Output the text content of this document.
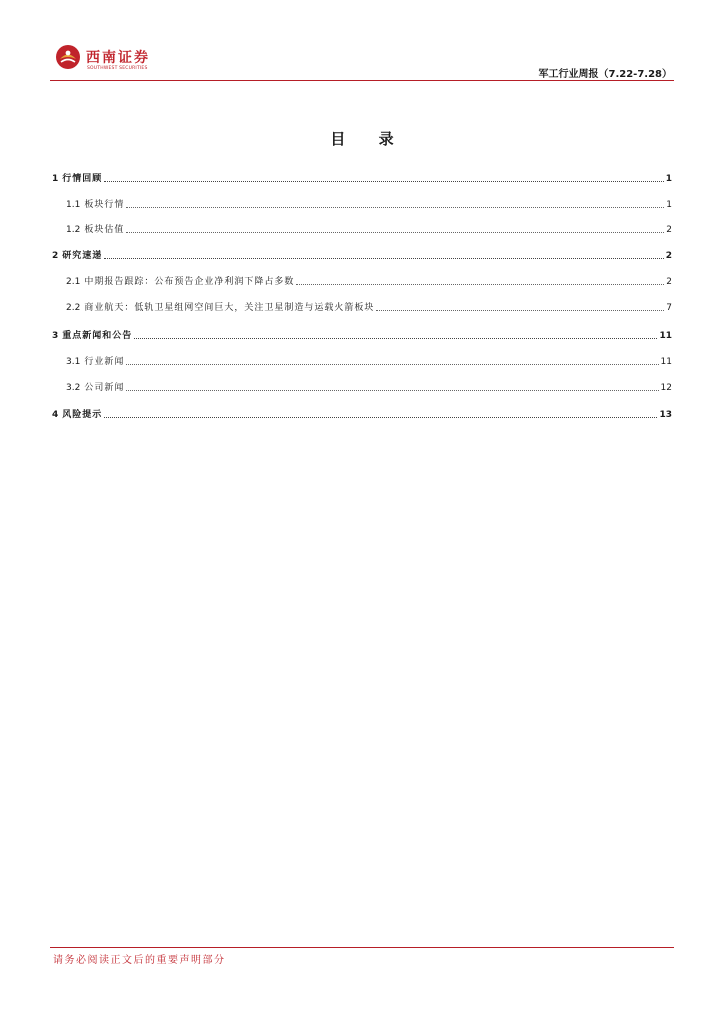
西南证券
SOUTHWEST SECURITIES
军工行业周报（7.22-7.28）
目 录
1 行情回顾	1
1.1 板块行情	1
1.2 板块估值	2
2 研究速递	2
2.1 中期报告跟踪：公布预告企业净利润下降占多数	2
2.2 商业航天：低轨卫星组网空间巨大，关注卫星制造与运载火箭板块	7
3 重点新闻和公告	11
3.1 行业新闻	11
3.2 公司新闻	12
4 风险提示	13
请务必阅读正文后的重要声明部分
